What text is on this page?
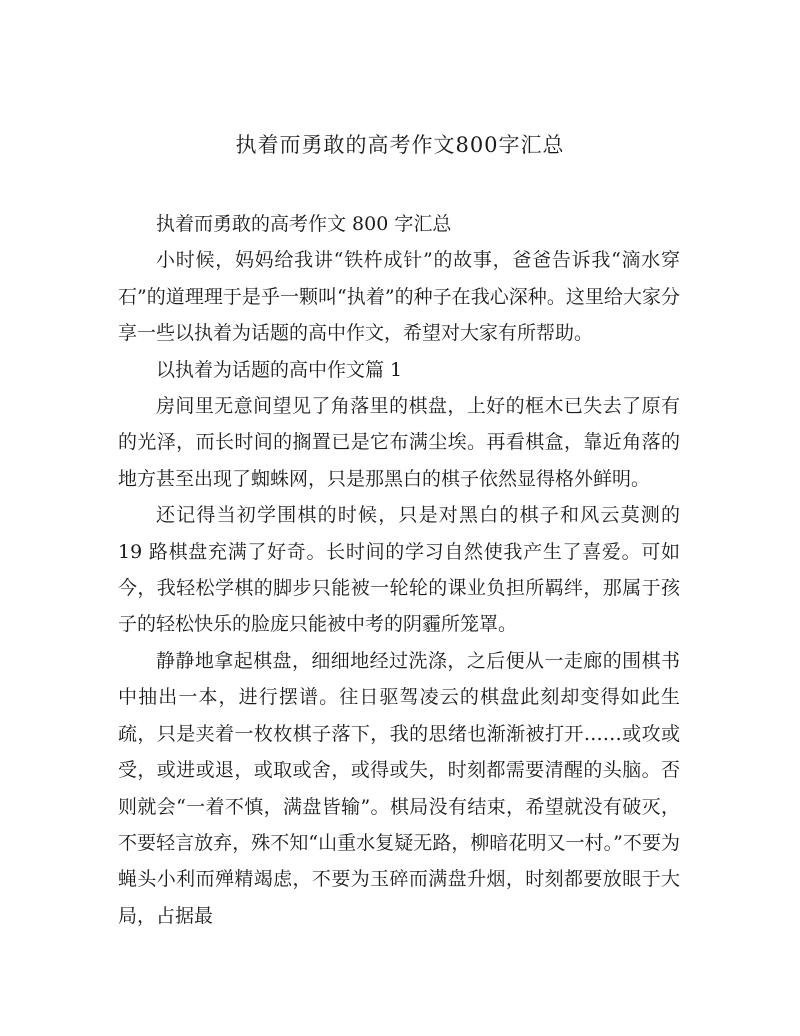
执着而勇敢的高考作文800字汇总

执着而勇敢的高考作文 800 字汇总

小时候，妈妈给我讲“铁杵成针”的故事，爸爸告诉我“滴水穿石”的道理理于是乎一颗叫“执着”的种子在我心深种。这里给大家分享一些以执着为话题的高中作文，希望对大家有所帮助。

以执着为话题的高中作文篇 1

房间里无意间望见了角落里的棋盘，上好的框木已失去了原有的光泽，而长时间的搁置已是它布满尘埃。再看棋盒，靠近角落的地方甚至出现了蜘蛛网，只是那黑白的棋子依然显得格外鲜明。

还记得当初学围棋的时候，只是对黑白的棋子和风云莫测的 19 路棋盘充满了好奇。长时间的学习自然使我产生了喜爱。可如今，我轻松学棋的脚步只能被一轮轮的课业负担所羁绊，那属于孩子的轻松快乐的脸庞只能被中考的阴霾所笼罩。

静静地拿起棋盘，细细地经过洗涤，之后便从一走廊的围棋书中抽出一本，进行摆谱。往日驱驾凌云的棋盘此刻却变得如此生疏，只是夹着一枚枚棋子落下，我的思绪也渐渐被打开……或攻或受，或进或退，或取或舍，或得或失，时刻都需要清醒的头脑。否则就会“一着不慎，满盘皆输”。棋局没有结束，希望就没有破灭，不要轻言放弃，殊不知“山重水复疑无路，柳暗花明又一村。”不要为蝇头小利而殚精竭虑，不要为玉碎而满盘升烟，时刻都要放眼于大局，占据最
